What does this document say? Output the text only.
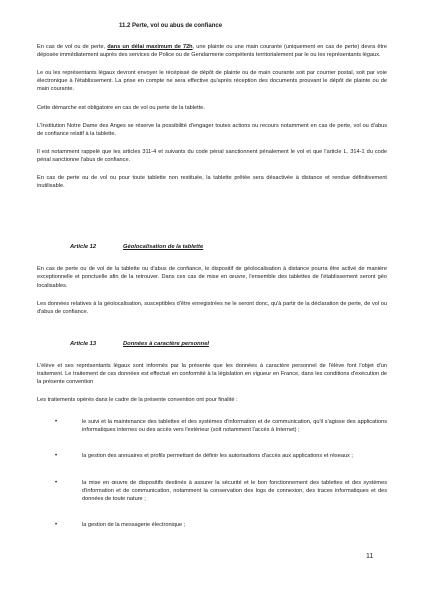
11.2 Perte, vol ou abus de confiance

En cas de vol ou de perte, dans un délai maximum de 72h, une plainte ou une main courante (uniquement en cas de perte) devra être déposée immédiatement auprès des services de Police ou de Gendarmerie compétents territorialement par le ou les représentants légaux.

Le ou les représentants légaux devront envoyer le récépissé de dépôt de plainte ou de main courante soit par courrier postal, soit par voie électronique à l'établissement. La prise en compte ne sera effective qu'après réception des documents prouvant le dépôt de plainte ou de main courante.

Cette démarche est obligatoire en cas de vol ou perte de la tablette.

L'Institution Notre Dame des Anges se réserve la possibilité d'engager toutes actions ou recours notamment en cas de perte, vol ou d'abus de confiance relatif à la tablette.

Il est notamment rappelé que les articles 311-4 et suivants du code pénal sanctionnent pénalement le vol et que l'article L. 314-1 du code pénal sanctionne l'abus de confiance.

En cas de perte ou de vol ou pour toute tablette non restituée, la tablette prêtée sera désactivée à distance et rendue définitivement inutilisable.

Article 12	Géolocalisation de la tablette

En cas de perte ou de vol de la tablette ou d'abus de confiance, le dispositif de géolocalisation à distance pourra être activé de manière exceptionnelle et ponctuelle afin de la retrouver. Dans ces cas de mise en œuvre, l'ensemble des tablettes de l'établissement seront géo localisables.

Les données relatives à la géolocalisation, susceptibles d'être enregistrées ne le seront donc, qu'à partir de la déclaration de perte, de vol ou d'abus de confiance.

Article 13	Données à caractère personnel

L'élève et ses représentants légaux sont informés par la présente que les données à caractère personnel de l'élève font l'objet d'un traitement. Le traitement de ces données est effectué en conformité à la législation en vigueur en France, dans les conditions d'exécution de la présente convention

Les traitements opérés dans le cadre de la présente convention ont pour finalité :

•	le suivi et la maintenance des tablettes et des systèmes d'information et de communication, qu'il s'agisse des applications informatiques internes ou des accès vers l'extérieur (soit notamment l'accès à Internet) ;

•	la gestion des annuaires et profils permettant de définir les autorisations d'accès aux applications et réseaux ;

•	la mise en œuvre de dispositifs destinés à assurer la sécurité et le bon fonctionnement des tablettes et des systèmes d'information et de communication, notamment la conservation des logs de connexion, des traces informatiques et des données de toute nature ;

•	la gestion de la messagerie électronique ;

11
